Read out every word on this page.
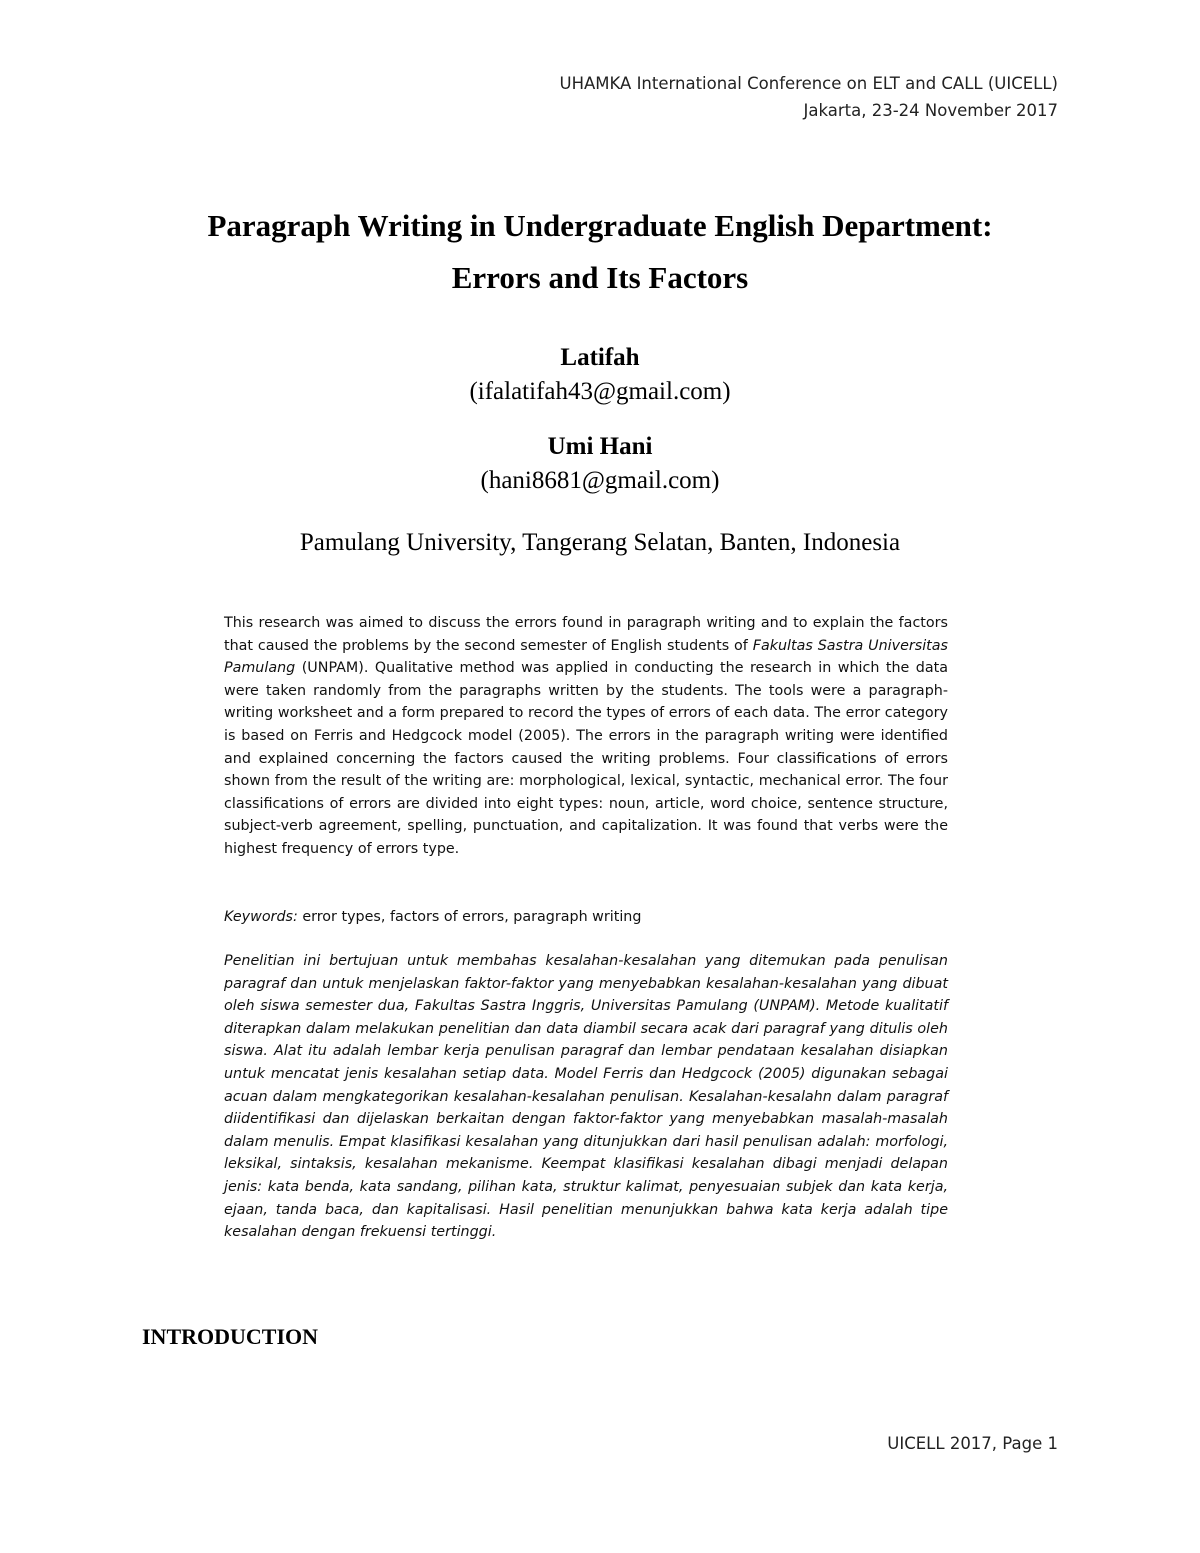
UHAMKA International Conference on ELT and CALL (UICELL)
Jakarta, 23-24 November 2017
Paragraph Writing in Undergraduate English Department:
Errors and Its Factors
Latifah
(ifalatifah43@gmail.com)
Umi Hani
(hani8681@gmail.com)
Pamulang University, Tangerang Selatan, Banten, Indonesia

This research was aimed to discuss the errors found in paragraph writing and to explain the factors that caused the problems by the second semester of English students of Fakultas Sastra Universitas Pamulang (UNPAM). Qualitative method was applied in conducting the research in which the data were taken randomly from the paragraphs written by the students. The tools were a paragraph-writing worksheet and a form prepared to record the types of errors of each data. The error category is based on Ferris and Hedgcock model (2005). The errors in the paragraph writing were identified and explained concerning the factors caused the writing problems. Four classifications of errors shown from the result of the writing are: morphological, lexical, syntactic, mechanical error. The four classifications of errors are divided into eight types: noun, article, word choice, sentence structure, subject-verb agreement, spelling, punctuation, and capitalization. It was found that verbs were the highest frequency of errors type.

Keywords: error types, factors of errors, paragraph writing

Penelitian ini bertujuan untuk membahas kesalahan-kesalahan yang ditemukan pada penulisan paragraf dan untuk menjelaskan faktor-faktor yang menyebabkan kesalahan-kesalahan yang dibuat oleh siswa semester dua, Fakultas Sastra Inggris, Universitas Pamulang (UNPAM). Metode kualitatif diterapkan dalam melakukan penelitian dan data diambil secara acak dari paragraf yang ditulis oleh siswa. Alat itu adalah lembar kerja penulisan paragraf dan lembar pendataan kesalahan disiapkan untuk mencatat jenis kesalahan setiap data. Model Ferris dan Hedgcock (2005) digunakan sebagai acuan dalam mengkategorikan kesalahan-kesalahan penulisan. Kesalahan-kesalahn dalam paragraf diidentifikasi dan dijelaskan berkaitan dengan faktor-faktor yang menyebabkan masalah-masalah dalam menulis. Empat klasifikasi kesalahan yang ditunjukkan dari hasil penulisan adalah: morfologi, leksikal, sintaksis, kesalahan mekanisme. Keempat klasifikasi kesalahan dibagi menjadi delapan jenis: kata benda, kata sandang, pilihan kata, struktur kalimat, penyesuaian subjek dan kata kerja, ejaan, tanda baca, dan kapitalisasi. Hasil penelitian menunjukkan bahwa kata kerja adalah tipe kesalahan dengan frekuensi tertinggi.

INTRODUCTION
UICELL 2017, Page 1
